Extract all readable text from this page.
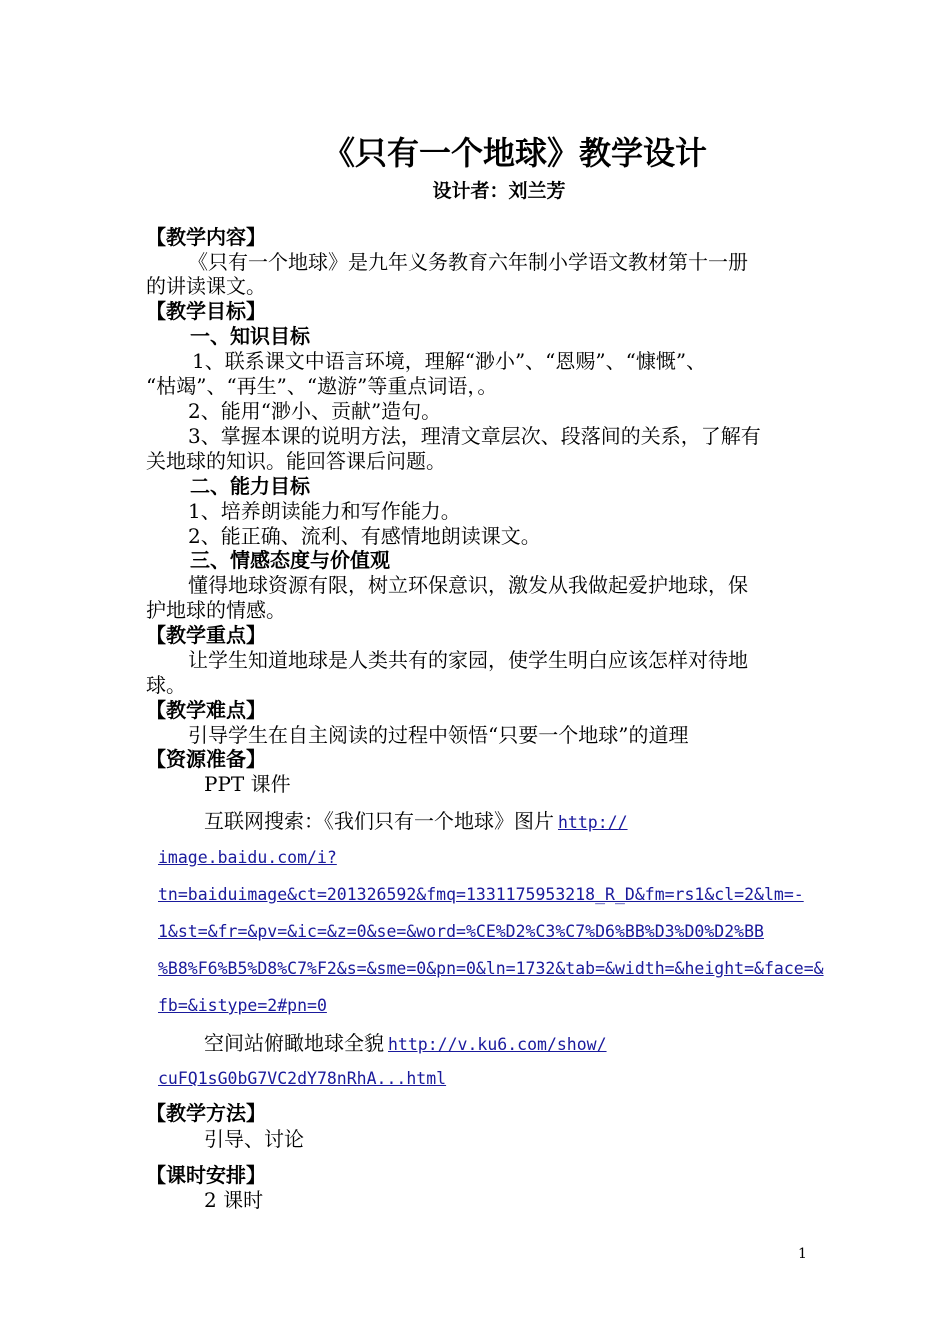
《只有一个地球》教学设计
设计者：刘兰芳
【教学内容】
《只有一个地球》是九年义务教育六年制小学语文教材第十一册
的讲读课文。
【教学目标】
一、知识目标
1、联系课文中语言环境，理解“渺小”、“恩赐”、“慷慨”、
“枯竭”、“再生”、“遨游”等重点词语，。
2、能用“渺小、贡献”造句。
3、掌握本课的说明方法，理清文章层次、段落间的关系，了解有
关地球的知识。能回答课后问题。
二、能力目标
1、培养朗读能力和写作能力。
2、能正确、流利、有感情地朗读课文。
三、情感态度与价值观
懂得地球资源有限，树立环保意识，激发从我做起爱护地球，保
护地球的情感。
【教学重点】
让学生知道地球是人类共有的家园，使学生明白应该怎样对待地
球。
【教学难点】
引导学生在自主阅读的过程中领悟“只要一个地球”的道理
【资源准备】
PPT 课件
互联网搜索：《我们只有一个地球》图片 http://
image.baidu.com/i?
tn=baiduimage&ct=201326592&fmq=1331175953218_R_D&fm=rs1&cl=2&lm=-
1&st=&fr=&pv=&ic=&z=0&se=&word=%CE%D2%C3%C7%D6%BB%D3%D0%D2%BB
%B8%F6%B5%D8%C7%F2&s=&sme=0&pn=0&ln=1732&tab=&width=&height=&face=&
fb=&istype=2#pn=0
空间站俯瞰地球全貌 http://v.ku6.com/show/
cuFQ1sG0bG7VC2dY78nRhA...html
【教学方法】
引导、讨论
【课时安排】
2 课时
1
